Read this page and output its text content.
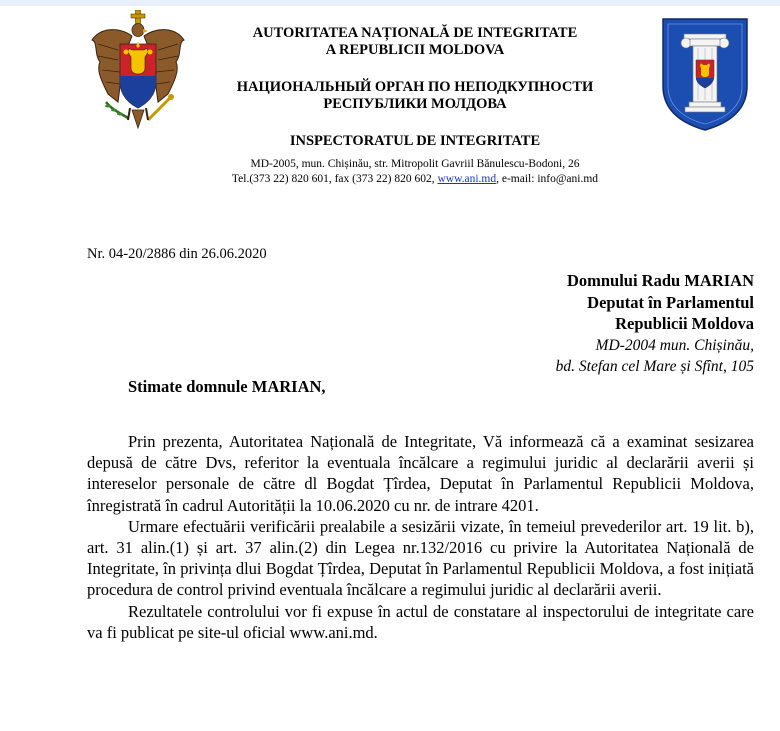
AUTORITATEA NAȚIONALĂ DE INTEGRITATE
A REPUBLICII MOLDOVA
НАЦИОНАЛЬНЫЙ ОРГАН ПО НЕПОДКУПНОСТИ
РЕСПУБЛИКИ МОЛДОВА
INSPECTORATUL DE INTEGRITATE
MD-2005, mun. Chișinău, str. Mitropolit Gavriil Bănulescu-Bodoni, 26
Tel.(373 22) 820 601, fax (373 22) 820 602, www.ani.md, e-mail: info@ani.md
Nr. 04-20/2886 din 26.06.2020
Domnului Radu MARIAN
Deputat în Parlamentul
Republicii Moldova
MD-2004 mun. Chișinău,
bd. Stefan cel Mare și Sfînt, 105
Stimate domnule MARIAN,

Prin prezenta, Autoritatea Națională de Integritate, Vă informează că a examinat sesizarea depusă de către Dvs, referitor la eventuala încălcare a regimului juridic al declarării averii și intereselor personale de către dl Bogdat Țîrdea, Deputat în Parlamentul Republicii Moldova, înregistrată în cadrul Autorității la 10.06.2020 cu nr. de intrare 4201.

Urmare efectuării verificării prealabile a sesizării vizate, în temeiul prevederilor art. 19 lit. b), art. 31 alin.(1) și art. 37 alin.(2) din Legea nr.132/2016 cu privire la Autoritatea Națională de Integritate, în privința dlui Bogdat Țîrdea, Deputat în Parlamentul Republicii Moldova, a fost inițiată procedura de control privind eventuala încălcare a regimului juridic al declarării averii.

Rezultatele controlului vor fi expuse în actul de constatare al inspectorului de integritate care va fi publicat pe site-ul oficial www.ani.md.
